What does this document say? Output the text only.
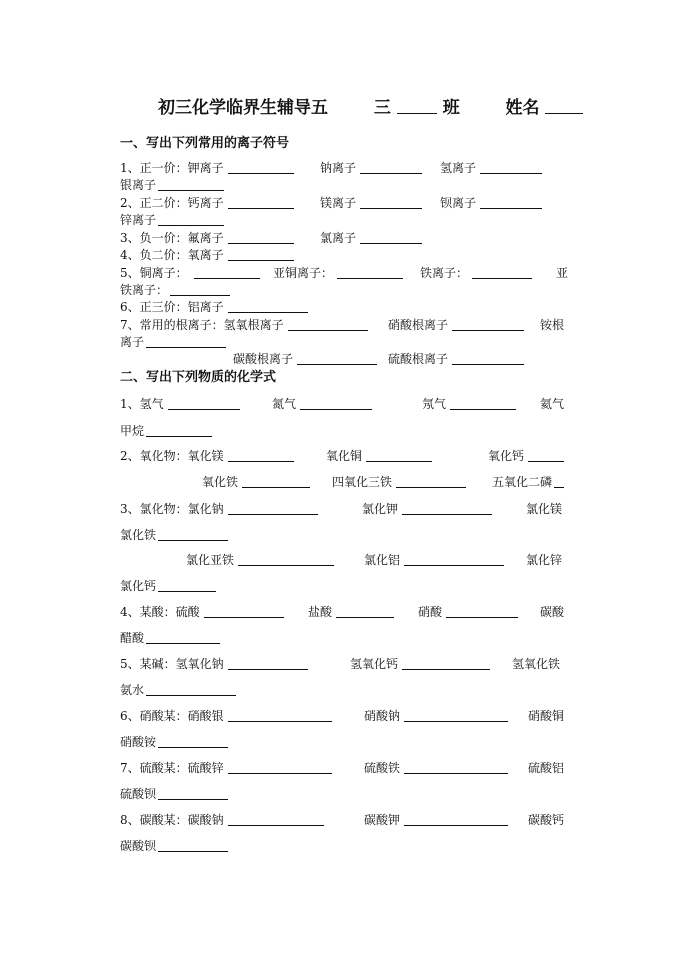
初三化学临界生辅导五	三	班	姓名
一、写出下列常用的离子符号
1、正一价：钾离子	钠离子	氢离子
银离子
2、正二价：钙离子	镁离子	钡离子
锌离子
3、负一价：氟离子	氯离子
4、负二价：氧离子
5、铜离子：	亚铜离子：	铁离子：	亚
铁离子：
6、正三价：铝离子
7、常用的根离子：氢氧根离子	硝酸根离子	铵根
离子
碳酸根离子	硫酸根离子
二、写出下列物质的化学式
1、氢气	氮气	氖气	氦气
甲烷
2、氧化物：氧化镁	氧化铜	氧化钙
氧化铁	四氧化三铁	五氧化二磷
3、氯化物：氯化钠	氯化钾	氯化镁
氯化铁
氯化亚铁	氯化铝	氯化锌
氯化钙
4、某酸：硫酸	盐酸	硝酸	碳酸
醋酸
5、某碱：氢氧化钠	氢氧化钙	氢氧化铁
氨水
6、硝酸某：硝酸银	硝酸钠	硝酸铜
硝酸铵
7、硫酸某：硫酸锌	硫酸铁	硫酸铝
硫酸钡
8、碳酸某：碳酸钠	碳酸钾	碳酸钙
碳酸钡
